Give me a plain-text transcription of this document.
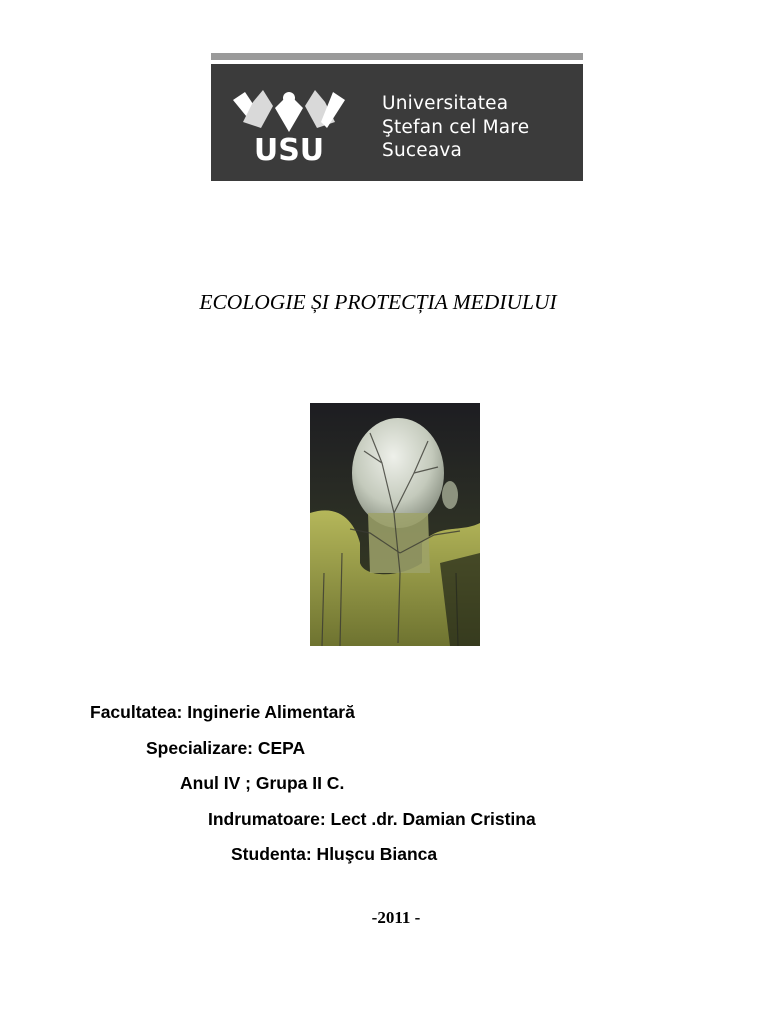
USU
Universitatea
Ştefan cel Mare
Suceava
ECOLOGIE ȘI PROTECȚIA MEDIULUI
Facultatea: Inginerie Alimentară
Specializare: CEPA
Anul IV ; Grupa II C.
Indrumatoare: Lect .dr. Damian Cristina
Studenta: Hluşcu Bianca
-2011 -
